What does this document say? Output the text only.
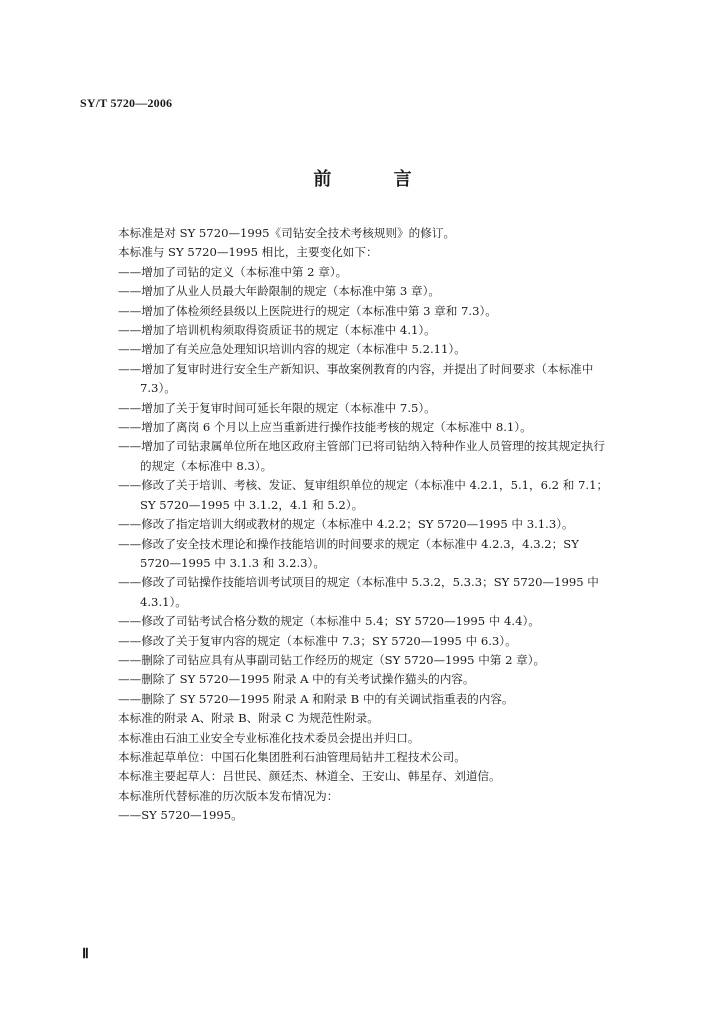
SY/T 5720—2006
前 言
本标准是对 SY 5720—1995《司钻安全技术考核规则》的修订。
本标准与 SY 5720—1995 相比，主要变化如下：
——增加了司钻的定义（本标准中第 2 章）。
——增加了从业人员最大年龄限制的规定（本标准中第 3 章）。
——增加了体检须经县级以上医院进行的规定（本标准中第 3 章和 7.3）。
——增加了培训机构须取得资质证书的规定（本标准中 4.1）。
——增加了有关应急处理知识培训内容的规定（本标准中 5.2.11）。
——增加了复审时进行安全生产新知识、事故案例教育的内容，并提出了时间要求（本标准中
7.3）。
——增加了关于复审时间可延长年限的规定（本标准中 7.5）。
——增加了离岗 6 个月以上应当重新进行操作技能考核的规定（本标准中 8.1）。
——增加了司钻隶属单位所在地区政府主管部门已将司钻纳入特种作业人员管理的按其规定执行
的规定（本标准中 8.3）。
——修改了关于培训、考核、发证、复审组织单位的规定（本标准中 4.2.1，5.1，6.2 和 7.1；
SY 5720—1995 中 3.1.2，4.1 和 5.2）。
——修改了指定培训大纲或教材的规定（本标准中 4.2.2；SY 5720—1995 中 3.1.3）。
——修改了安全技术理论和操作技能培训的时间要求的规定（本标准中 4.2.3，4.3.2；SY
5720—1995 中 3.1.3 和 3.2.3）。
——修改了司钻操作技能培训考试项目的规定（本标准中 5.3.2，5.3.3；SY 5720—1995 中
4.3.1）。
——修改了司钻考试合格分数的规定（本标准中 5.4；SY 5720—1995 中 4.4）。
——修改了关于复审内容的规定（本标准中 7.3；SY 5720—1995 中 6.3）。
——删除了司钻应具有从事副司钻工作经历的规定（SY 5720—1995 中第 2 章）。
——删除了 SY 5720—1995 附录 A 中的有关考试操作猫头的内容。
——删除了 SY 5720—1995 附录 A 和附录 B 中的有关调试指重表的内容。
本标准的附录 A、附录 B、附录 C 为规范性附录。
本标准由石油工业安全专业标准化技术委员会提出并归口。
本标准起草单位：中国石化集团胜利石油管理局钻井工程技术公司。
本标准主要起草人：吕世民、颜廷杰、林道全、王安山、韩星存、刘道信。
本标准所代替标准的历次版本发布情况为：
——SY 5720—1995。
Ⅱ
